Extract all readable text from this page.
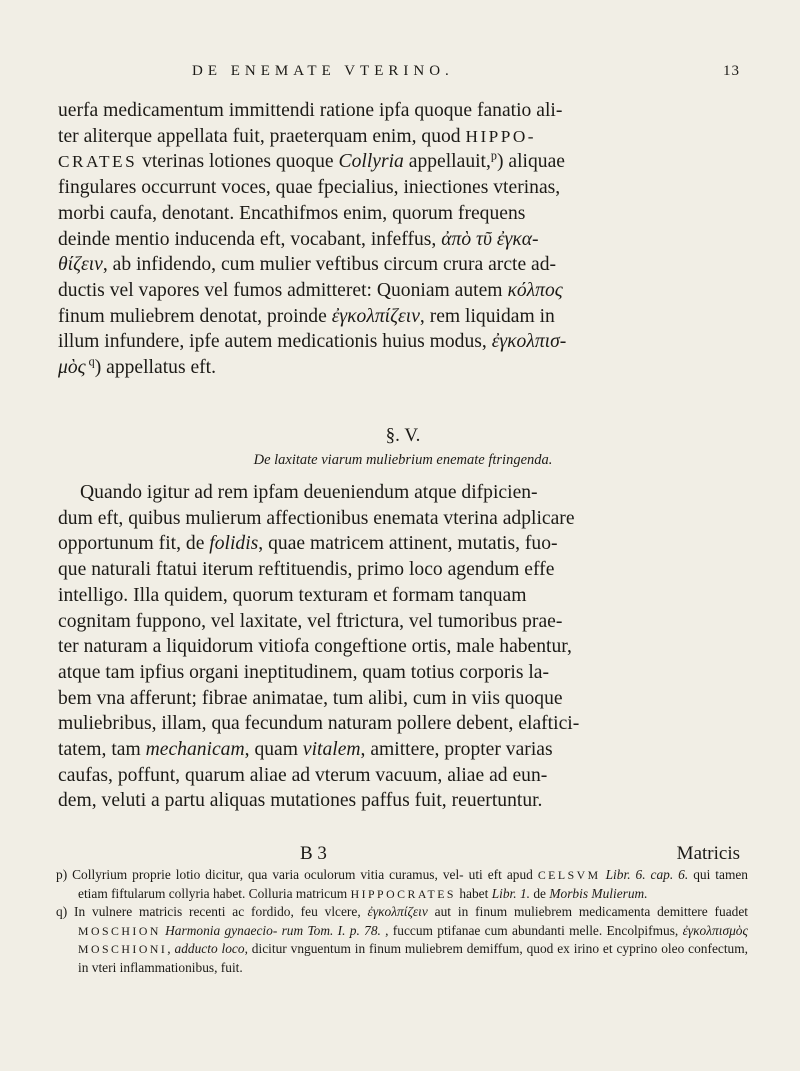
DE ENEMATE VTERINO.	13

uerfa medicamentum immittendi ratione ipfa quoque fanatio ali-

ter aliterque appellata fuit, praeterquam enim, quod HIPPO-

CRATES vterinas lotiones quoque Collyria appellauit,$^p$) aliquae

fingulares occurrunt voces, quae fpecialius, iniectiones vterinas,

morbi caufa, denotant. Encathifmos enim, quorum frequens

deinde mentio inducenda eft, vocabant, infeffus, ἀπὸ τῦ ἐγκα-

θίζειν, ab infidendo, cum mulier veftibus circum crura arcte ad-

ductis vel vapores vel fumos admitteret: Quoniam autem κόλπος

finum muliebrem denotat, proinde ἐγκολπίζειν, rem liquidam in

illum infundere, ipfe autem medicationis huius modus, ἐγκολπισ-

μὸς $^q$) appellatus eft.

§. V.
De laxitate viarum muliebrium enemate ftringenda.

Quando igitur ad rem ipfam deueniendum atque difpicien-

dum eft, quibus mulierum affectionibus enemata vterina adplicare

opportunum fit, de folidis, quae matricem attinent, mutatis, fuo-

que naturali ftatui iterum reftituendis, primo loco agendum effe

intelligo. Illa quidem, quorum texturam et formam tanquam

cognitam fuppono, vel laxitate, vel ftrictura, vel tumoribus prae-

ter naturam a liquidorum vitiofa congeftione ortis, male habentur,

atque tam ipfius organi ineptitudinem, quam totius corporis la-

bem vna afferunt; fibrae animatae, tum alibi, cum in viis quoque

muliebribus, illam, qua fecundum naturam pollere debent, elaftici-

tatem, tam mechanicam, quam vitalem, amittere, propter varias

caufas, poffunt, quarum aliae ad vterum vacuum, aliae ad eun-

dem, veluti a partu aliquas mutationes paffus fuit, reuertuntur.

B 3	Matricis

p) Collyrium proprie lotio dicitur, qua varia oculorum vitia curamus, vel- uti eft apud CELSVM Libr. 6. cap. 6. qui tamen etiam fiftularum collyria habet. Colluria matricum HIPPOCRATES habet Libr. 1. de Morbis Mulierum.

q) In vulnere matricis recenti ac fordido, feu vlcere, ἐγκολπίζειν aut in finum muliebrem medicamenta demittere fuadet MOSCHION Harmonia gynaecio- rum Tom. I. p. 78. , fuccum ptifanae cum abundanti melle. Encolpifmus, ἐγκολπισμὸς MOSCHIONI, adducto loco, dicitur vnguentum in finum muliebrem demiffum, quod ex irino et cyprino oleo confectum, in vteri inflammationibus, fuit.
